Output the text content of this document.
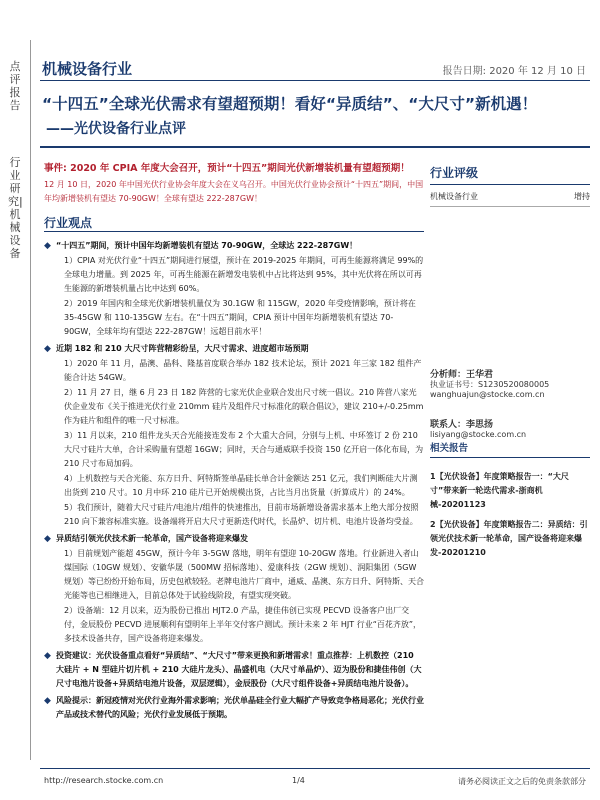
点评报告
行业研究|机械设备
机械设备行业	报告日期: 2020 年 12 月 10 日
“十四五”全球光伏需求有望超预期！看好“异质结”、“大尺寸”新机遇！
——光伏设备行业点评
事件: 2020 年 CPIA 年度大会召开，预计“十四五”期间光伏新增装机量有望超预期！
12 月 10 日，2020 年中国光伏行业协会年度大会在义乌召开。中国光伏行业协会预计“十四五”期间，中国年均新增装机有望达 70-90GW！全球有望达 222-287GW！
行业观点
◆ “十四五”期间，预计中国年均新增装机有望达 70-90GW，全球达 222-287GW！
1）CPIA 对光伏行业“十四五”期间进行展望，预计在 2019-2025 年期间，可再生能源将满足 99%的全球电力增量。到 2025 年，可再生能源在新增发电装机中占比将达到 95%，其中光伏将在所以可再生能源的新增装机量占比中达到 60%。
2）2019 年国内和全球光伏新增装机量仅为 30.1GW 和 115GW，2020 年受疫情影响，预计将在 35-45GW 和 110-135GW 左右。在“十四五”期间，CPIA 预计中国年均新增装机有望达 70-90GW，全球年均有望达 222-287GW！远超目前水平！
◆ 近期 182 和 210 大尺寸阵营精彩纷呈，大尺寸需求、进度超市场预期
1）2020 年 11 月，晶澳、晶科、隆基首度联合举办 182 技术论坛，预计 2021 年三家 182 组件产能合计达 54GW。
2）11 月 27 日，继 6 月 23 日 182 阵营的七家光伏企业联合发出尺寸统一倡议。210 阵营八家光伏企业发布《关于推进光伏行业 210mm 硅片及组件尺寸标准化的联合倡议》，建议 210+/-0.25mm 作为硅片和组件的唯一尺寸标准。
3）11 月以来，210 组件龙头天合光能接连发布 2 个大重大合同，分别与上机、中环签订 2 份 210 大尺寸硅片大单，合计采购量有望超 16GW；同时，天合与通威联手投资 150 亿开启一体化布局，为 210 尺寸布局加码。
4）上机数控与天合光能、东方日升、阿特斯签单晶硅长单合计金额达 251 亿元，我们判断硅大片测出货到 210 尺寸。10 月中环 210 硅片已开始规模出货，占比当月出货量（折算成片）的 24%。
5）我们预计，随着大尺寸硅片/电池片/组件的快速推出，目前市场新增设备需求基本上绝大部分按照 210 向下兼容标准实施。设备端将开启大尺寸更新迭代时代，长晶炉、切片机、电池片设备均受益。
◆ 异质结引领光伏技术新一轮革命，国产设备将迎来爆发
1）目前规划产能超 45GW，预计今年 3-5GW 落地，明年有望迎 10-20GW 落地。行业新进入者山煤国际（10GW 规划）、安徽华晟（500MW 招标落地）、爱康科技（2GW 规划）、润阳集团（5GW 规划）等已纷纷开始布局，历史包袱较轻。老牌电池片厂商中，通威、晶澳、东方日升、阿特斯、天合光能等也已相继进入，目前总体处于试验线阶段，有望实现突破。
2）设备端：12 月以来，迈为股份已推出 HJT2.0 产品，捷佳伟创已实现 PECVD 设备客户出厂交付，金辰股份 PECVD 进展顺利有望明年上半年交付客户测试。预计未来 2 年 HJT 行业“百花齐放”，多技术设备共存，国产设备将迎来爆发。
◆ 投资建议：光伏设备重点看好“异质结”、“大尺寸”带来更换和新增需求！重点推荐：上机数控（210 大硅片 + N 型硅片切片机 + 210 大硅片龙头）、晶盛机电（大尺寸单晶炉）、迈为股份和捷佳伟创（大尺寸电池片设备+异质结电池片设备，双层逻辑），金辰股份（大尺寸组件设备+异质结电池片设备）。
◆ 风险提示：新冠疫情对光伏行业海外需求影响；光伏单晶硅全行业大幅扩产导致竞争格局恶化；光伏行业产品或技术替代的风险；光伏行业发展低于预期。
行业评级
机械设备行业	增持
分析师：王华君
执业证书号：S1230520080005
wanghuajun@stocke.com.cn
联系人：李思扬
lisiyang@stocke.com.cn
相关报告
1【光伏设备】年度策略报告一：“大尺寸”带来新一轮迭代需求-浙商机械-20201123
2【光伏设备】年度策略报告二：异质结：引领光伏技术新一轮革命，国产设备将迎来爆发-20201210
http://research.stocke.com.cn	1/4	请务必阅读正文之后的免责条款部分
